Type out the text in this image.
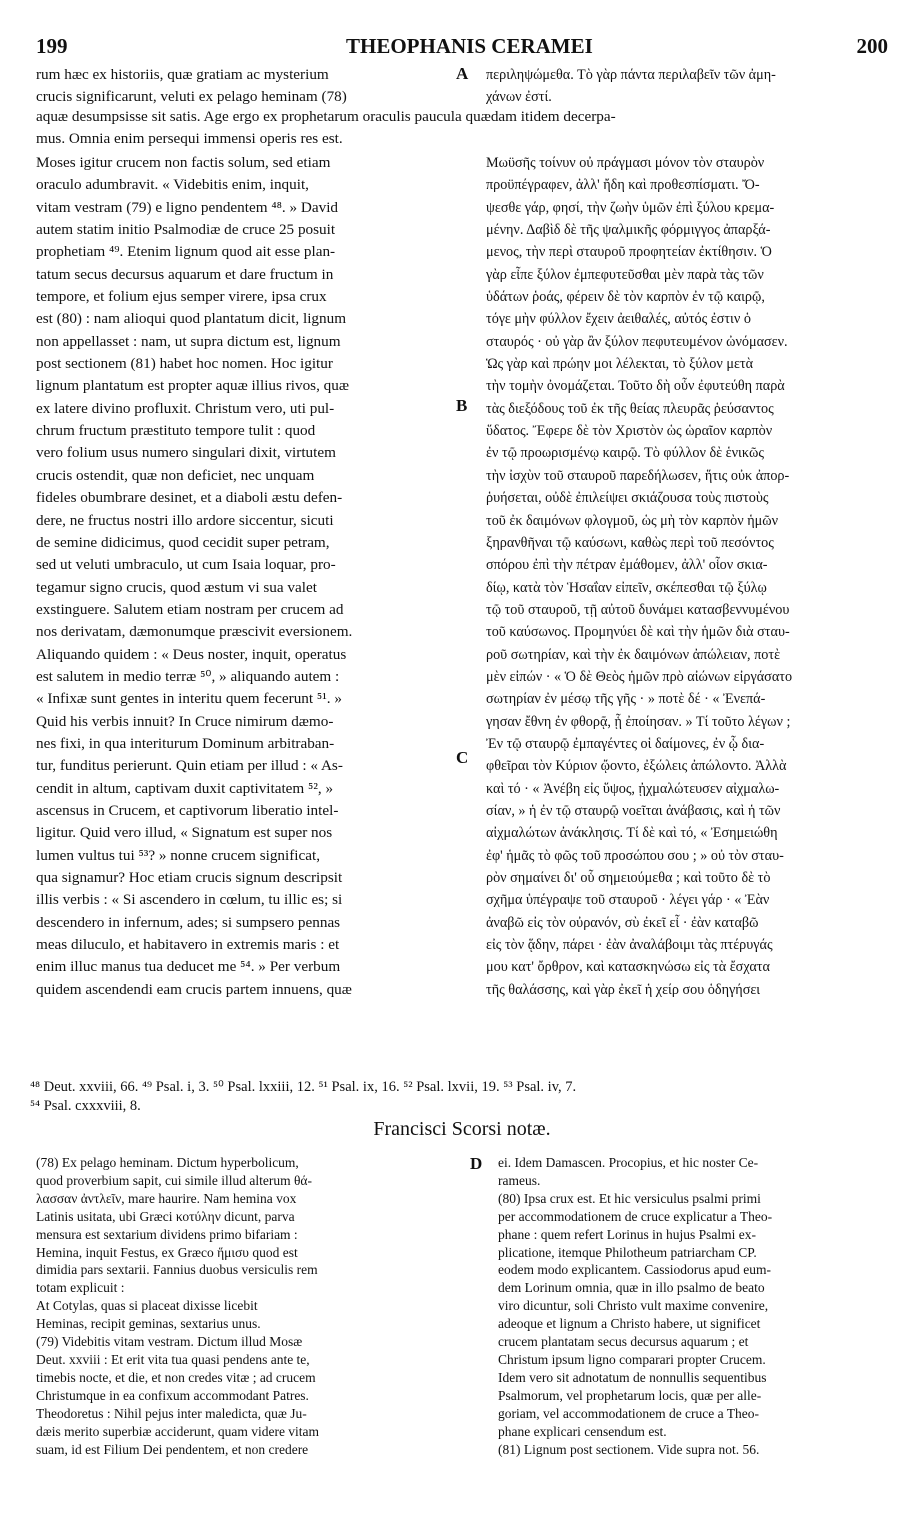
199	THEOPHANIS CERAMEI	200
rum hæc ex historiis, quæ gratiam ac mysterium
crucis significarunt, veluti ex pelago heminam (78)
περιληψώμεθα. Τὸ γὰρ πάντα περιλαβεῖν τῶν ἀμη-
χάνων ἐστί.
aquæ desumpsisse sit satis. Age ergo ex prophetarum oraculis paucula quædam itidem decerpa-
mus. Omnia enim persequi immensi operis res est.
Moses igitur crucem non factis solum, sed etiam
oraculo adumbravit. « Videbitis enim, inquit,
vitam vestram (79) e ligno pendentem ⁴⁸. » David
autem statim initio Psalmodiæ de cruce 25 posuit
prophetiam ⁴⁹. Etenim lignum quod ait esse plan-
tatum secus decursus aquarum et dare fructum in
tempore, et folium ejus semper virere, ipsa crux
est (80) : nam alioqui quod plantatum dicit, lignum
non appellasset : nam, ut supra dictum est, lignum
post sectionem (81) habet hoc nomen. Hoc igitur
lignum plantatum est propter aquæ illius rivos, quæ
ex latere divino profluxit. Christum vero, uti pul-
chrum fructum præstituto tempore tulit : quod
vero folium usus numero singulari dixit, virtutem
crucis ostendit, quæ non deficiet, nec unquam
fideles obumbrare desinet, et a diaboli æstu defen-
dere, ne fructus nostri illo ardore siccentur, sicuti
de semine didicimus, quod cecidit super petram,
sed ut veluti umbraculo, ut cum Isaia loquar, pro-
tegamur signo crucis, quod æstum vi sua valet
exstinguere. Salutem etiam nostram per crucem ad
nos derivatam, dæmonumque præscivit eversionem.
Aliquando quidem : « Deus noster, inquit, operatus
est salutem in medio terræ ⁵⁰, » aliquando autem :
« Infixæ sunt gentes in interitu quem fecerunt ⁵¹. »
Quid his verbis innuit? In Cruce nimirum dæmo-
nes fixi, in qua interiturum Dominum arbitraban-
tur, funditus perierunt. Quin etiam per illud : « As-
cendit in altum, captivam duxit captivitatem ⁵², »
ascensus in Crucem, et captivorum liberatio intel-
ligitur. Quid vero illud, « Signatum est super nos
lumen vultus tui ⁵³? » nonne crucem significat,
qua signamur? Hoc etiam crucis signum descripsit
illis verbis : « Si ascendero in cœlum, tu illic es; si
descendero in infernum, ades; si sumpsero pennas
meas diluculo, et habitavero in extremis maris : et
enim illuc manus tua deducet me ⁵⁴. » Per verbum
quidem ascendendi eam crucis partem innuens, quæ
Μωϋσῆς τοίνυν οὐ πράγμασι μόνον τὸν σταυρὸν
προϋπέγραφεν, ἀλλ' ἤδη καὶ προθεσπίσματι. Ὄ-
ψεσθε γάρ, φησί, τὴν ζωὴν ὑμῶν ἐπὶ ξύλου κρεμα-
μένην. Δαβὶδ δὲ τῆς ψαλμικῆς φόρμιγγος ἀπαρξά-
μενος, τὴν περὶ σταυροῦ προφητείαν ἐκτίθησιν. Ὁ
γὰρ εἶπε ξύλον ἐμπεφυτεῦσθαι μὲν παρὰ τὰς τῶν
ὑδάτων ῥοάς, φέρειν δὲ τὸν καρπὸν ἐν τῷ καιρῷ,
τόγε μὴν φύλλον ἔχειν ἀειθαλές, αὐτός ἐστιν ὁ
σταυρός · οὐ γὰρ ἂν ξύλον πεφυτευμένον ὠνόμασεν.
Ὡς γὰρ καὶ πρώην μοι λέλεκται, τὸ ξύλον μετὰ
τὴν τομὴν ὀνομάζεται. Τοῦτο δὴ οὖν ἐφυτεύθη παρὰ
τὰς διεξόδους τοῦ ἐκ τῆς θείας πλευρᾶς ῥεύσαντος
ὕδατος. Ἔφερε δὲ τὸν Χριστὸν ὡς ὡραῖον καρπὸν
ἐν τῷ προωρισμένῳ καιρῷ. Τὸ φύλλον δὲ ἑνικῶς
τὴν ἰσχὺν τοῦ σταυροῦ παρεδήλωσεν, ἥτις οὐκ ἀπορ-
ῥυήσεται, οὐδὲ ἐπιλείψει σκιάζουσα τοὺς πιστοὺς
τοῦ ἐκ δαιμόνων φλογμοῦ, ὡς μὴ τὸν καρπὸν ἡμῶν
ξηρανθῆναι τῷ καύσωνι, καθὼς περὶ τοῦ πεσόντος
σπόρου ἐπὶ τὴν πέτραν ἐμάθομεν, ἀλλ' οἷον σκια-
δίῳ, κατὰ τὸν Ἡσαΐαν εἰπεῖν, σκέπεσθαι τῷ ξύλῳ
τῷ τοῦ σταυροῦ, τῇ αὐτοῦ δυνάμει κατασβεννυμένου
τοῦ καύσωνος. Προμηνύει δὲ καὶ τὴν ἡμῶν διὰ σταυ-
ροῦ σωτηρίαν, καὶ τὴν ἐκ δαιμόνων ἀπώλειαν, ποτὲ
μὲν εἰπών · « Ὁ δὲ Θεὸς ἡμῶν πρὸ αἰώνων εἰργάσατο
σωτηρίαν ἐν μέσῳ τῆς γῆς · » ποτὲ δέ · « Ἐνεπά-
γησαν ἔθνη ἐν φθορᾷ, ᾗ ἐποίησαν. » Τί τοῦτο λέγων ;
Ἐν τῷ σταυρῷ ἐμπαγέντες οἱ δαίμονες, ἐν ᾧ δια-
φθεῖραι τὸν Κύριον ᾤοντο, ἐξώλεις ἀπώλοντο. Ἀλλὰ
καὶ τό · « Ἀνέβη εἰς ὕψος, ᾐχμαλώτευσεν αἰχμαλω-
σίαν, » ἡ ἐν τῷ σταυρῷ νοεῖται ἀνάβασις, καὶ ἡ τῶν
αἰχμαλώτων ἀνάκλησις. Τί δὲ καὶ τό, « Ἐσημειώθη
ἐφ' ἡμᾶς τὸ φῶς τοῦ προσώπου σου ; » οὐ τὸν σταυ-
ρὸν σημαίνει δι' οὗ σημειούμεθα ; καὶ τοῦτο δὲ τὸ
σχῆμα ὑπέγραψε τοῦ σταυροῦ · λέγει γάρ · « Ἐὰν
ἀναβῶ εἰς τὸν οὐρανόν, σὺ ἐκεῖ εἶ · ἐὰν καταβῶ
εἰς τὸν ᾅδην, πάρει · ἐὰν ἀναλάβοιμι τὰς πτέρυγάς
μου κατ' ὄρθρον, καὶ κατασκηνώσω εἰς τὰ ἔσχατα
τῆς θαλάσσης, καὶ γὰρ ἐκεῖ ἡ χείρ σου ὁδηγήσει
A
B
C
D
⁴⁸ Deut. xxviii, 66. ⁴⁹ Psal. i, 3. ⁵⁰ Psal. lxxiii, 12. ⁵¹ Psal. ix, 16. ⁵² Psal. lxvii, 19. ⁵³ Psal. iv, 7.
⁵⁴ Psal. cxxxviii, 8.
Francisci Scorsi notæ.
(78) Ex pelago heminam. Dictum hyperbolicum,
quod proverbium sapit, cui simile illud alterum θά-
λασσαν ἀντλεῖν, mare haurire. Nam hemina vox
Latinis usitata, ubi Græci κοτύλην dicunt, parva
mensura est sextarium dividens primo bifariam :
Hemina, inquit Festus, ex Græco ἥμισυ quod est
dimidia pars sextarii. Fannius duobus versiculis rem
totam explicuit :
At Cotylas, quas si placeat dixisse licebit
Heminas, recipit geminas, sextarius unus.
(79) Videbitis vitam vestram. Dictum illud Mosæ
Deut. xxviii : Et erit vita tua quasi pendens ante te,
timebis nocte, et die, et non credes vitæ ; ad crucem
Christumque in ea confixum accommodant Patres.
Theodoretus : Nihil pejus inter maledicta, quæ Ju-
dæis merito superbiæ acciderunt, quam videre vitam
suam, id est Filium Dei pendentem, et non credere
ei. Idem Damascen. Procopius, et hic noster Ce-
rameus.
(80) Ipsa crux est. Et hic versiculus psalmi primi
per accommodationem de cruce explicatur a Theo-
phane : quem refert Lorinus in hujus Psalmi ex-
plicatione, itemque Philotheum patriarcham CP.
eodem modo explicantem. Cassiodorus apud eum-
dem Lorinum omnia, quæ in illo psalmo de beato
viro dicuntur, soli Christo vult maxime convenire,
adeoque et lignum a Christo habere, ut significet
crucem plantatam secus decursus aquarum ; et
Christum ipsum ligno comparari propter Crucem.
Idem vero sit adnotatum de nonnullis sequentibus
Psalmorum, vel prophetarum locis, quæ per alle-
goriam, vel accommodationem de cruce a Theo-
phane explicari censendum est.
(81) Lignum post sectionem. Vide supra not. 56.
